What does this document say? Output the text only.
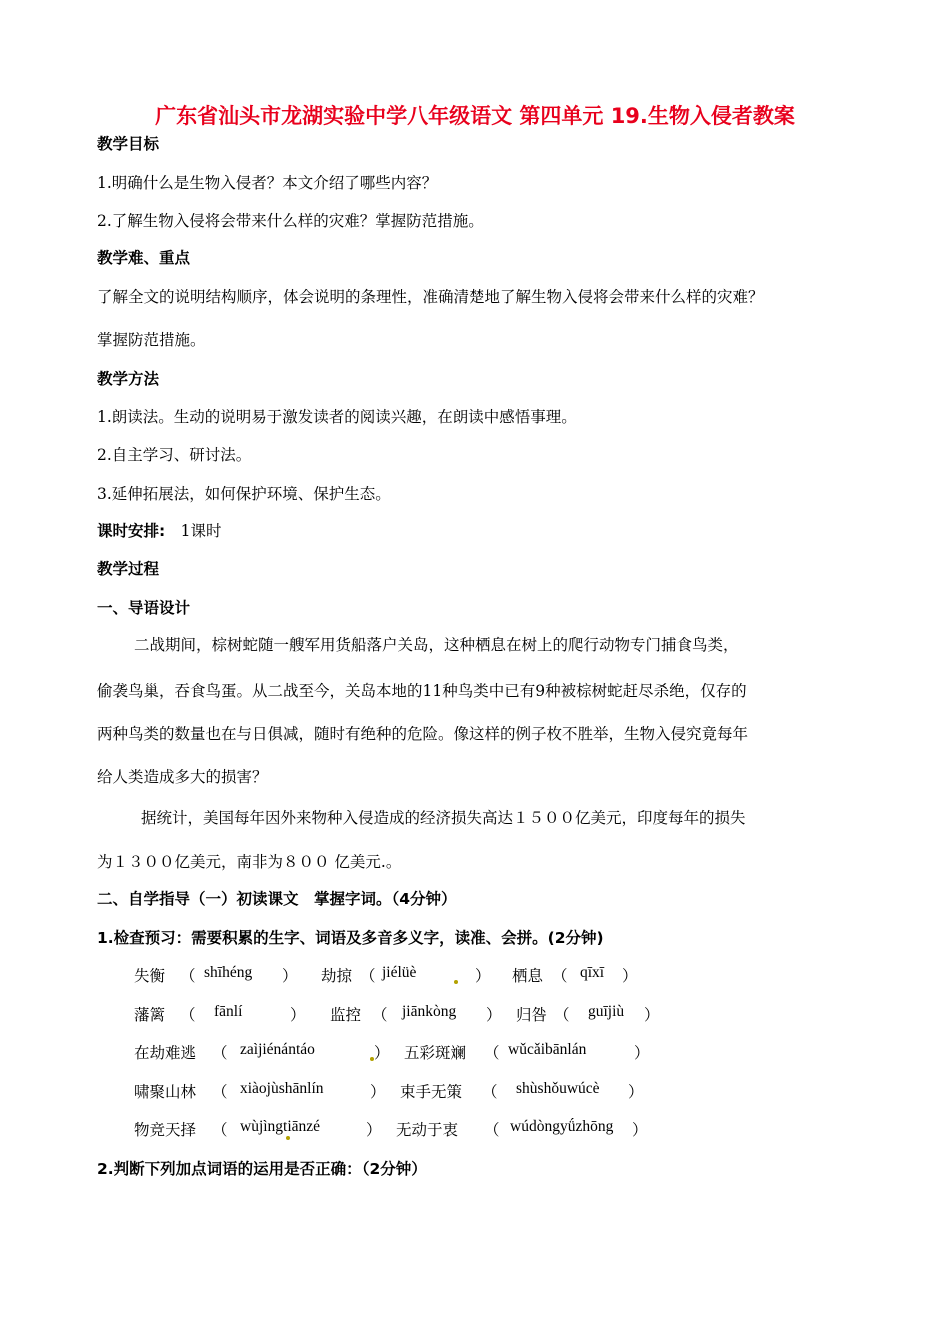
广东省汕头市龙湖实验中学八年级语文 第四单元 19.生物入侵者教案
教学目标
1.明确什么是生物入侵者？本文介绍了哪些内容？
2.了解生物入侵将会带来什么样的灾难？掌握防范措施。
教学难、重点
了解全文的说明结构顺序，体会说明的条理性，准确清楚地了解生物入侵将会带来什么样的灾难？
掌握防范措施。
教学方法
1.朗读法。生动的说明易于激发读者的阅读兴趣，在朗读中感悟事理。
2.自主学习、研讨法。
3.延伸拓展法，如何保护环境、保护生态。
课时安排: 1课时
教学过程
一、导语设计
二战期间，棕树蛇随一艘军用货船落户关岛，这种栖息在树上的爬行动物专门捕食鸟类，
偷袭鸟巢，吞食鸟蛋。从二战至今，关岛本地的11种鸟类中已有9种被棕树蛇赶尽杀绝，仅存的
两种鸟类的数量也在与日俱减，随时有绝种的危险。像这样的例子枚不胜举，生物入侵究竟每年
给人类造成多大的损害？
据统计，美国每年因外来物种入侵造成的经济损失高达１５００亿美元，印度每年的损失
为１３００亿美元，南非为８００ 亿美元.。
二、自学指导（一）初读课文　掌握字词。（4分钟）
1.检查预习：需要积累的生字、词语及多音多义字，读准、会拼。(2分钟)
失衡 （ shīhéng ） 劫掠 （ jiélüè	） 栖息 （ qīxī ）
藩篱 （ fānlí	） 监控 （ jiānkòng ） 归咎 （ guījiù ）
在劫难逃 （ zaìjiénántáo	） 五彩斑斓 （ wǔcǎibānlán	）
啸聚山林 （ xiàojùshānlín	） 束手无策 （ shùshǒuwúcè ）
物竞天择 （ wùjìngtiānzé	） 无动于衷 （ wúdòngyǘzhōng ）
2.判断下列加点词语的运用是否正确：（2分钟）
